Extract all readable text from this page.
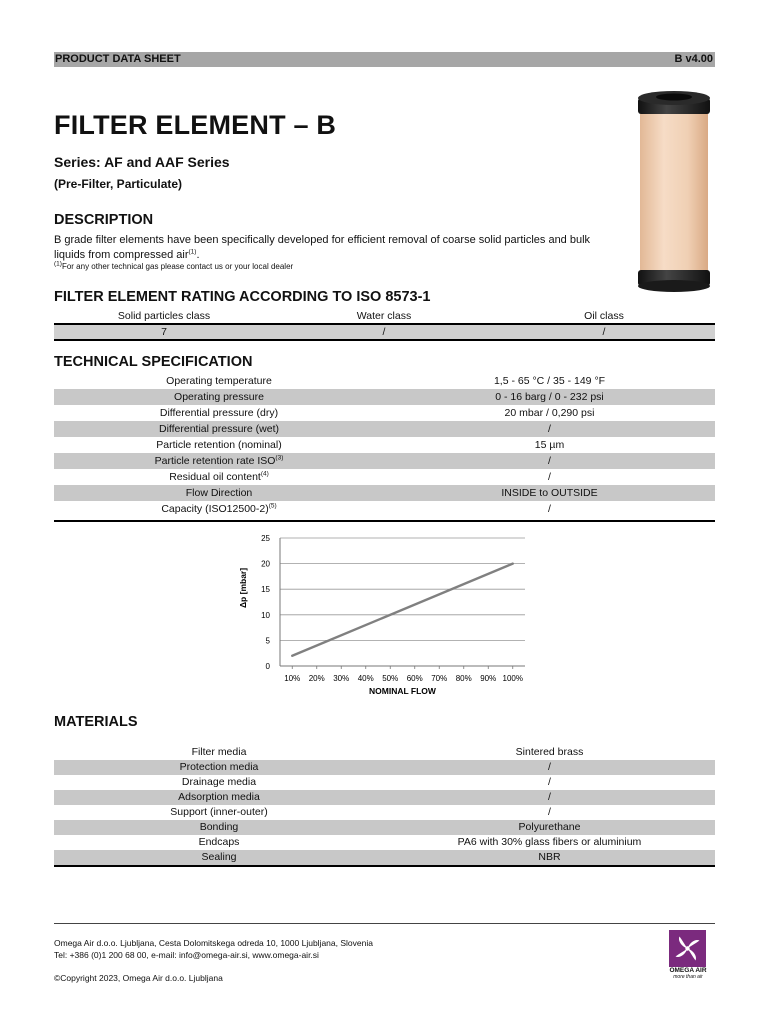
PRODUCT DATA SHEET	B v4.00
FILTER ELEMENT – B
Series: AF and AAF Series
(Pre-Filter, Particulate)
DESCRIPTION
B grade filter elements have been specifically developed for efficient removal of coarse solid particles and bulk liquids from compressed air$^{(1)}$.
$^{(1)}$For any other technical gas please contact us or your local dealer
FILTER ELEMENT RATING ACCORDING TO ISO 8573-1
Solid particles class	Water class	Oil class
7	/	/
TECHNICAL SPECIFICATION
Operating temperature	1,5 - 65 °C / 35 - 149 °F
Operating pressure	0 - 16 barg / 0 - 232 psi
Differential pressure (dry)	20 mbar / 0,290 psi
Differential pressure (wet)	/
Particle retention (nominal)	15 µm
Particle retention rate ISO$^{(3)}$	/
Residual oil content$^{(4)}$	/
Flow Direction	INSIDE to OUTSIDE
Capacity $(ISO12500-2)^{(5)}$	/
0
5
10
15
20
25
10% 20% 30% 40% 50% 60% 70% 80% 90% 100%
NOMINAL FLOW
Δp [mbar]
MATERIALS
Filter media	Sintered brass
Protection media	/
Drainage media	/
Adsorption media	/
Support (inner-outer)	/
Bonding	Polyurethane
Endcaps	PA6 with 30% glass fibers or aluminium
Sealing	NBR
Omega Air d.o.o. Ljubljana, Cesta Dolomitskega odreda 10, 1000 Ljubljana, Slovenia
Tel: +386 (0)1 200 68 00, e-mail: info@omega-air.si, www.omega-air.si
©Copyright 2023, Omega Air d.o.o. Ljubljana
OMEGA AIR
more than air
